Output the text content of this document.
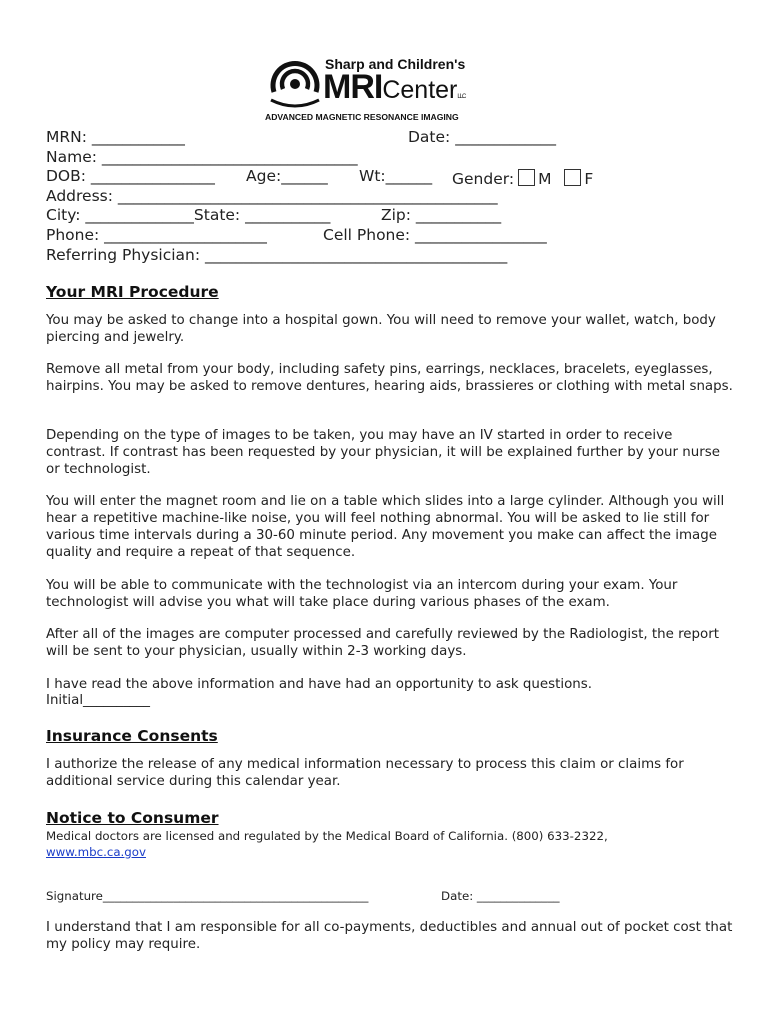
Sharp and Children's
MRICenterLLC
ADVANCED MAGNETIC RESONANCE IMAGING
MRN: ____________	Date: _____________
Name: _________________________________
DOB: ________________ Age:______ Wt:______ Gender: M F
Address: _________________________________________________
City: ______________State: ___________	Zip: ___________
Phone: _____________________	Cell Phone: _________________
Referring Physician: _______________________________________
Your MRI Procedure
You may be asked to change into a hospital gown. You will need to remove your wallet, watch, body piercing and jewelry.
Remove all metal from your body, including safety pins, earrings, necklaces, bracelets, eyeglasses, hairpins. You may be asked to remove dentures, hearing aids, brassieres or clothing with metal snaps.
Depending on the type of images to be taken, you may have an IV started in order to receive contrast. If contrast has been requested by your physician, it will be explained further by your nurse or technologist.
You will enter the magnet room and lie on a table which slides into a large cylinder. Although you will hear a repetitive machine-like noise, you will feel nothing abnormal. You will be asked to lie still for various time intervals during a 30-60 minute period. Any movement you make can affect the image quality and require a repeat of that sequence.
You will be able to communicate with the technologist via an intercom during your exam. Your technologist will advise you what will take place during various phases of the exam.
After all of the images are computer processed and carefully reviewed by the Radiologist, the report will be sent to your physician, usually within 2-3 working days.
I have read the above information and have had an opportunity to ask questions.
Initial__________
Insurance Consents
I authorize the release of any medical information necessary to process this claim or claims for additional service during this calendar year.
Notice to Consumer
Medical doctors are licensed and regulated by the Medical Board of California. (800) 633-2322,
www.mbc.ca.gov
Signature_____________________________________________	Date: ______________
I understand that I am responsible for all co-payments, deductibles and annual out of pocket cost that my policy may require.
